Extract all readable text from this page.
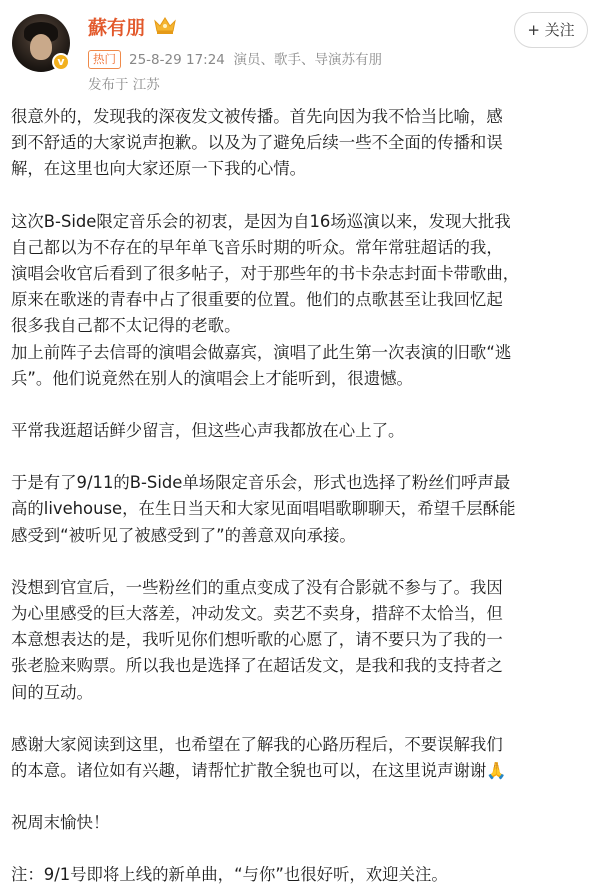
v
蘇有朋
热门 25-8-29 17:24 演员、歌手、导演苏有朋
发布于 江苏
+ 关注

很意外的，发现我的深夜发文被传播。首先向因为我不恰当比喻，感
到不舒适的大家说声抱歉。以及为了避免后续一些不全面的传播和误
解，在这里也向大家还原一下我的心情。

这次B-Side限定音乐会的初衷，是因为自16场巡演以来，发现大批我
自己都以为不存在的早年单飞音乐时期的听众。常年常驻超话的我，
演唱会收官后看到了很多帖子，对于那些年的书卡杂志封面卡带歌曲，
原来在歌迷的青春中占了很重要的位置。他们的点歌甚至让我回忆起
很多我自己都不太记得的老歌。
加上前阵子去信哥的演唱会做嘉宾，演唱了此生第一次表演的旧歌“逃
兵”。他们说竟然在别人的演唱会上才能听到，很遗憾。

平常我逛超话鲜少留言，但这些心声我都放在心上了。

于是有了9/11的B-Side单场限定音乐会，形式也选择了粉丝们呼声最
高的livehouse，在生日当天和大家见面唱唱歌聊聊天，希望千层酥能
感受到“被听见了被感受到了”的善意双向承接。

没想到官宣后，一些粉丝们的重点变成了没有合影就不参与了。我因
为心里感受的巨大落差，冲动发文。卖艺不卖身，措辞不太恰当，但
本意想表达的是，我听见你们想听歌的心愿了，请不要只为了我的一
张老脸来购票。所以我也是选择了在超话发文，是我和我的支持者之
间的互动。

感谢大家阅读到这里，也希望在了解我的心路历程后，不要误解我们
的本意。诸位如有兴趣，请帮忙扩散全貌也可以，在这里说声谢谢🙏

祝周末愉快！

注：9/1号即将上线的新单曲，“与你”也很好听，欢迎关注。
